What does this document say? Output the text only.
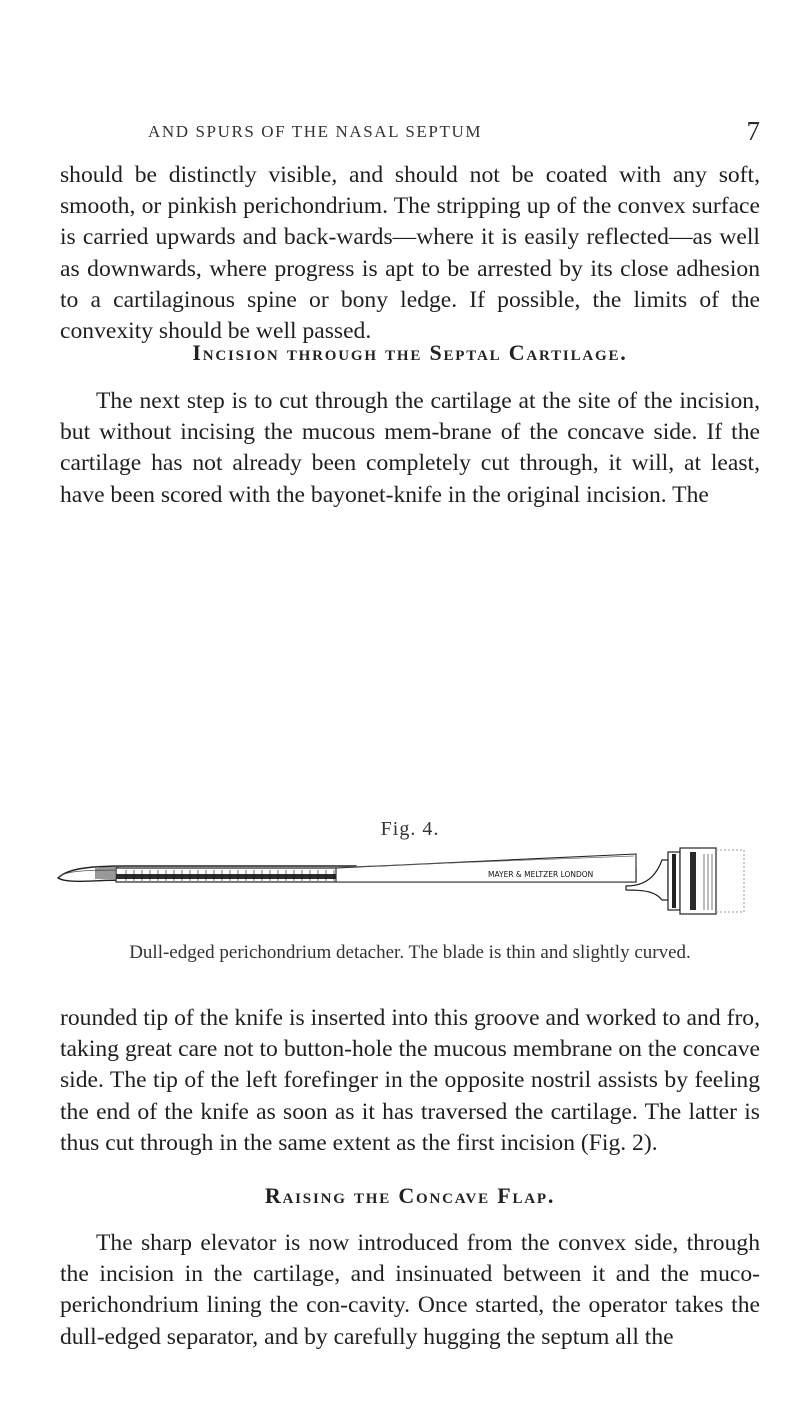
AND SPURS OF THE NASAL SEPTUM	7

should be distinctly visible, and should not be coated with any soft, smooth, or pinkish perichondrium. The stripping up of the convex surface is carried upwards and back-wards—where it is easily reflected—as well as downwards, where progress is apt to be arrested by its close adhesion to a cartilaginous spine or bony ledge. If possible, the limits of the convexity should be well passed.

Incision through the Septal Cartilage.

The next step is to cut through the cartilage at the site of the incision, but without incising the mucous mem-brane of the concave side. If the cartilage has not already been completely cut through, it will, at least, have been scored with the bayonet-knife in the original incision. The

Fig. 4.
MAYER & MELTZER LONDON
Dull-edged perichondrium detacher. The blade is thin and slightly curved.

rounded tip of the knife is inserted into this groove and worked to and fro, taking great care not to button-hole the mucous membrane on the concave side. The tip of the left forefinger in the opposite nostril assists by feeling the end of the knife as soon as it has traversed the cartilage. The latter is thus cut through in the same extent as the first incision (Fig. 2).

Raising the Concave Flap.

The sharp elevator is now introduced from the convex side, through the incision in the cartilage, and insinuated between it and the muco-perichondrium lining the con-cavity. Once started, the operator takes the dull-edged separator, and by carefully hugging the septum all the
